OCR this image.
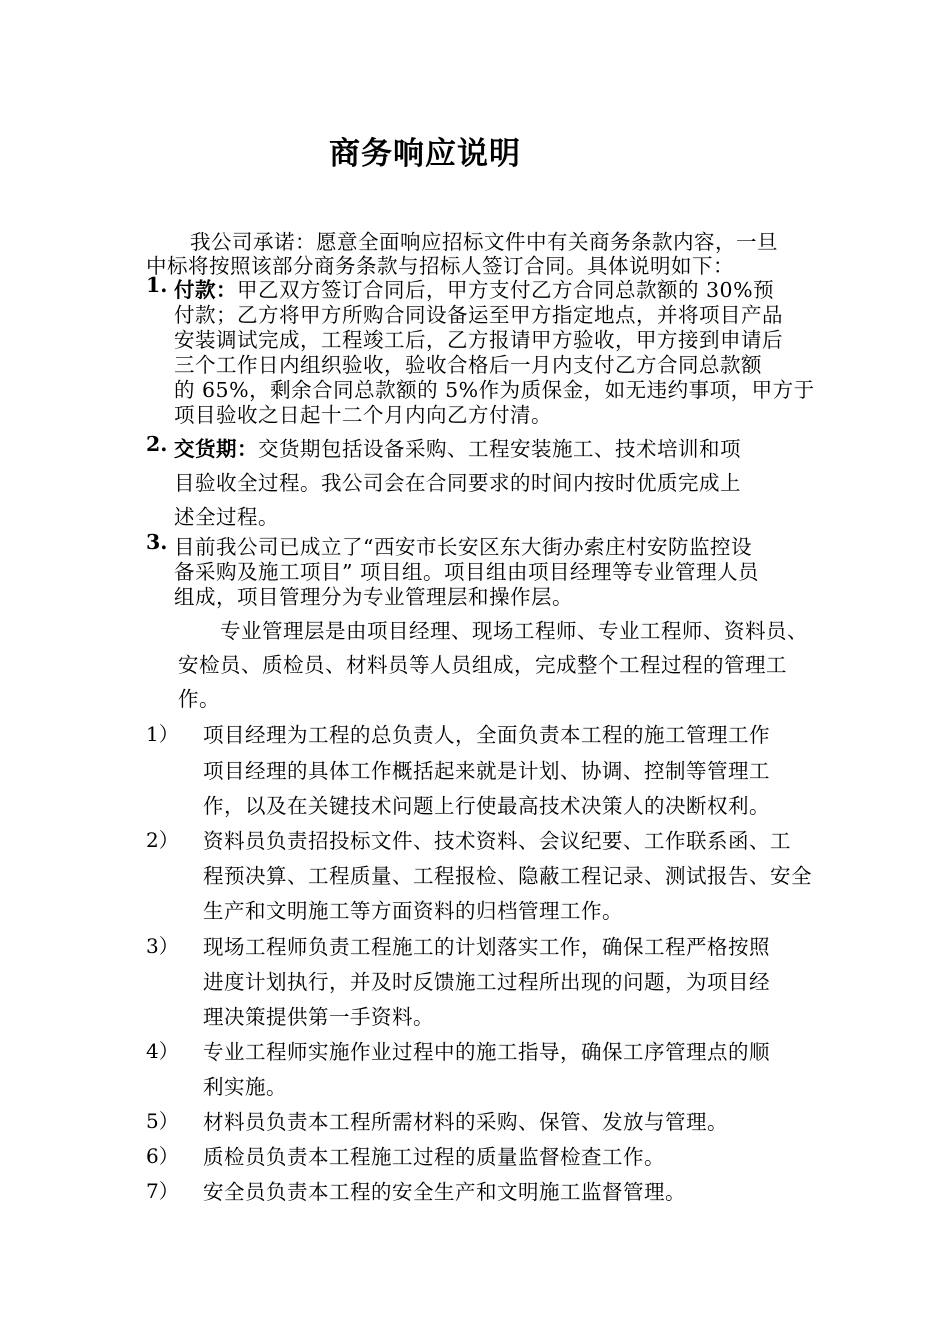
商务响应说明
我公司承诺：愿意全面响应招标文件中有关商务条款内容，一旦
中标将按照该部分商务条款与招标人签订合同。具体说明如下：
1. 付款：甲乙双方签订合同后，甲方支付乙方合同总款额的 30%预
付款；乙方将甲方所购合同设备运至甲方指定地点，并将项目产品
安装调试完成，工程竣工后，乙方报请甲方验收，甲方接到申请后
三个工作日内组织验收，验收合格后一月内支付乙方合同总款额
的 65%，剩余合同总款额的 5%作为质保金，如无违约事项，甲方于
项目验收之日起十二个月内向乙方付清。
2. 交货期：交货期包括设备采购、工程安装施工、技术培训和项
目验收全过程。我公司会在合同要求的时间内按时优质完成上
述全过程。
3. 目前我公司已成立了“西安市长安区东大街办索庄村安防监控设
备采购及施工项目” 项目组。项目组由项目经理等专业管理人员
组成，项目管理分为专业管理层和操作层。
专业管理层是由项目经理、现场工程师、专业工程师、资料员、
安检员、质检员、材料员等人员组成，完成整个工程过程的管理工
作。
1） 项目经理为工程的总负责人，全面负责本工程的施工管理工作
项目经理的具体工作概括起来就是计划、协调、控制等管理工
作，以及在关键技术问题上行使最高技术决策人的决断权利。
2） 资料员负责招投标文件、技术资料、会议纪要、工作联系函、工
程预决算、工程质量、工程报检、隐蔽工程记录、测试报告、安全
生产和文明施工等方面资料的归档管理工作。
3） 现场工程师负责工程施工的计划落实工作，确保工程严格按照
进度计划执行，并及时反馈施工过程所出现的问题，为项目经
理决策提供第一手资料。
4） 专业工程师实施作业过程中的施工指导，确保工序管理点的顺
利实施。
5） 材料员负责本工程所需材料的采购、保管、发放与管理。
6） 质检员负责本工程施工过程的质量监督检查工作。
7） 安全员负责本工程的安全生产和文明施工监督管理。
